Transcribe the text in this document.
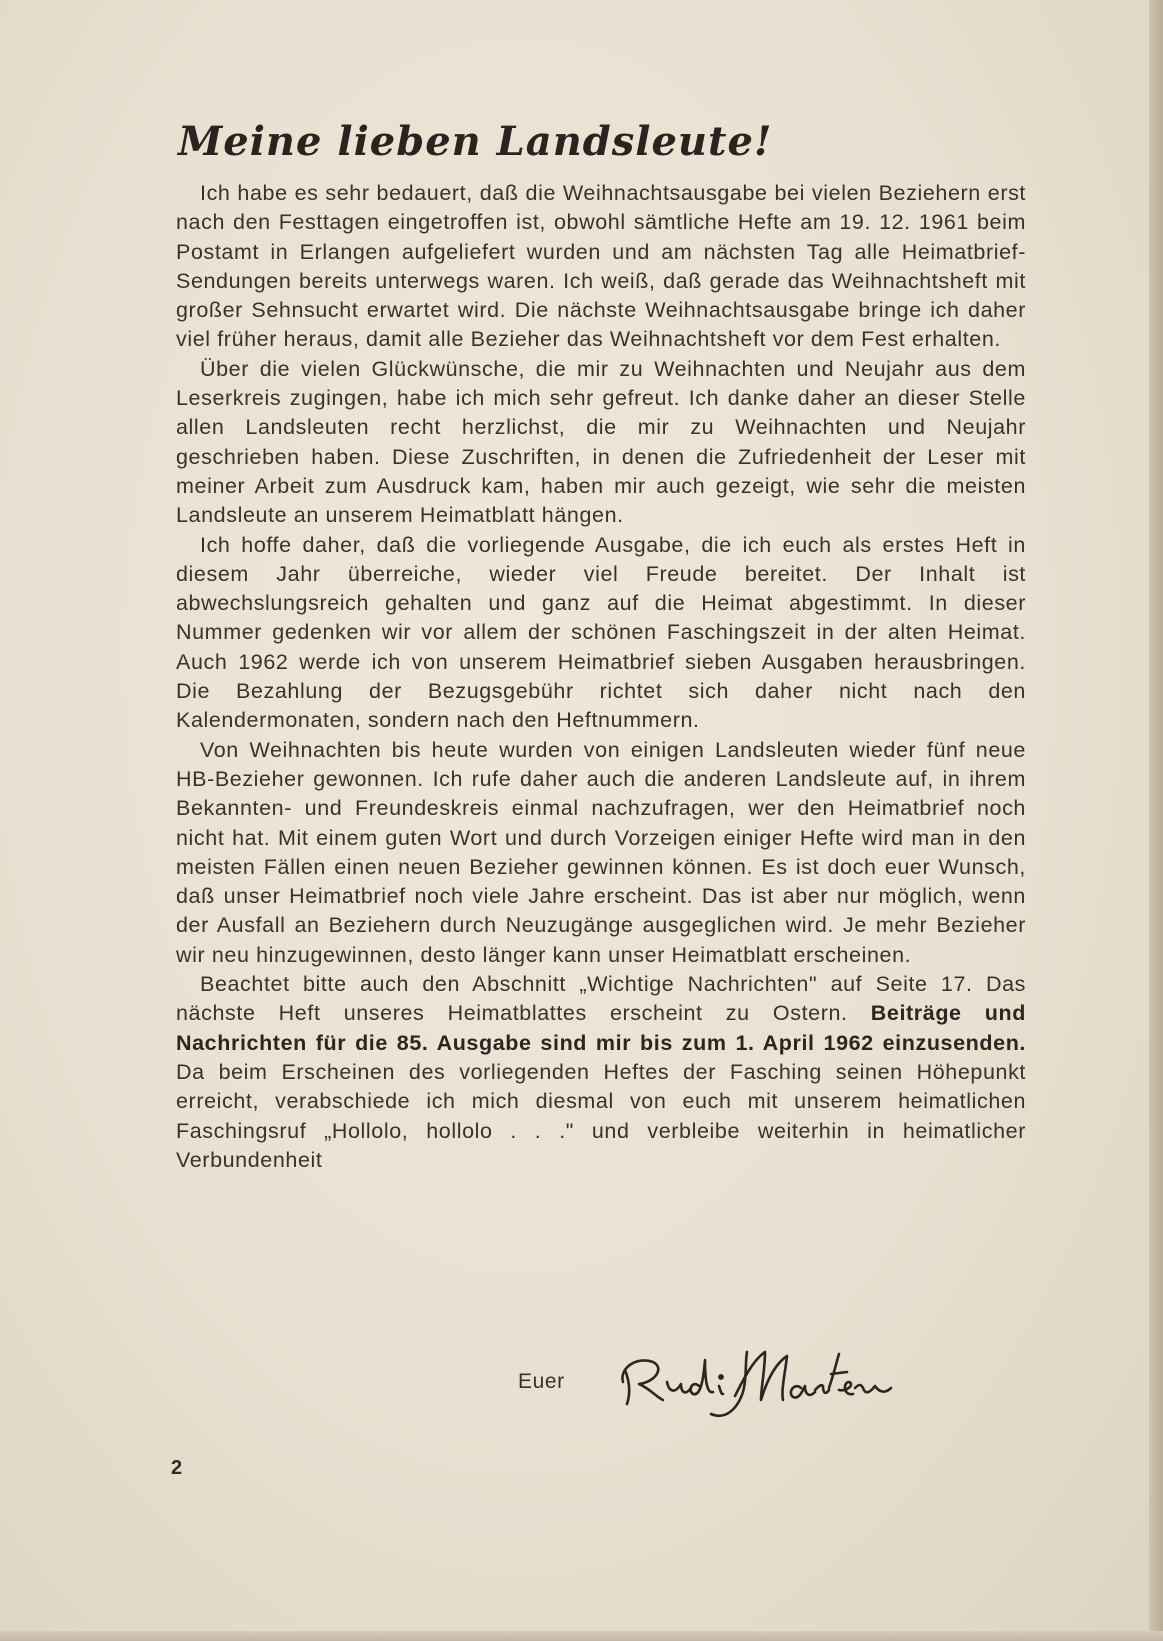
Meine lieben Landsleute!

Ich habe es sehr bedauert, daß die Weihnachtsausgabe bei vielen Beziehern erst nach den Festtagen eingetroffen ist, obwohl sämtliche Hefte am 19. 12. 1961 beim Postamt in Erlangen aufgeliefert wurden und am nächsten Tag alle Heimatbrief-Sendungen bereits unterwegs waren. Ich weiß, daß gerade das Weihnachtsheft mit großer Sehnsucht erwartet wird. Die nächste Weihnachtsausgabe bringe ich daher viel früher heraus, damit alle Bezieher das Weihnachtsheft vor dem Fest erhalten.

Über die vielen Glückwünsche, die mir zu Weihnachten und Neujahr aus dem Leserkreis zugingen, habe ich mich sehr gefreut. Ich danke daher an dieser Stelle allen Landsleuten recht herzlichst, die mir zu Weihnachten und Neujahr geschrieben haben. Diese Zuschriften, in denen die Zufriedenheit der Leser mit meiner Arbeit zum Ausdruck kam, haben mir auch gezeigt, wie sehr die meisten Landsleute an unserem Heimatblatt hängen.

Ich hoffe daher, daß die vorliegende Ausgabe, die ich euch als erstes Heft in diesem Jahr überreiche, wieder viel Freude bereitet. Der Inhalt ist abwechslungsreich gehalten und ganz auf die Heimat abgestimmt. In dieser Nummer gedenken wir vor allem der schönen Faschingszeit in der alten Heimat. Auch 1962 werde ich von unserem Heimatbrief sieben Ausgaben herausbringen. Die Bezahlung der Bezugsgebühr richtet sich daher nicht nach den Kalendermonaten, sondern nach den Heftnummern.

Von Weihnachten bis heute wurden von einigen Landsleuten wieder fünf neue HB-Bezieher gewonnen. Ich rufe daher auch die anderen Landsleute auf, in ihrem Bekannten- und Freundeskreis einmal nachzufragen, wer den Heimatbrief noch nicht hat. Mit einem guten Wort und durch Vorzeigen einiger Hefte wird man in den meisten Fällen einen neuen Bezieher gewinnen können. Es ist doch euer Wunsch, daß unser Heimatbrief noch viele Jahre erscheint. Das ist aber nur möglich, wenn der Ausfall an Beziehern durch Neuzugänge ausgeglichen wird. Je mehr Bezieher wir neu hinzugewinnen, desto länger kann unser Heimatblatt erscheinen.

Beachtet bitte auch den Abschnitt „Wichtige Nachrichten" auf Seite 17. Das nächste Heft unseres Heimatblattes erscheint zu Ostern. Beiträge und Nachrichten für die 85. Ausgabe sind mir bis zum 1. April 1962 einzusenden. Da beim Erscheinen des vorliegenden Heftes der Fasching seinen Höhepunkt erreicht, verabschiede ich mich diesmal von euch mit unserem heimatlichen Faschingsruf „Hollolo, hollolo . . ." und verbleibe weiterhin in heimatlicher Verbundenheit

Euer
2
